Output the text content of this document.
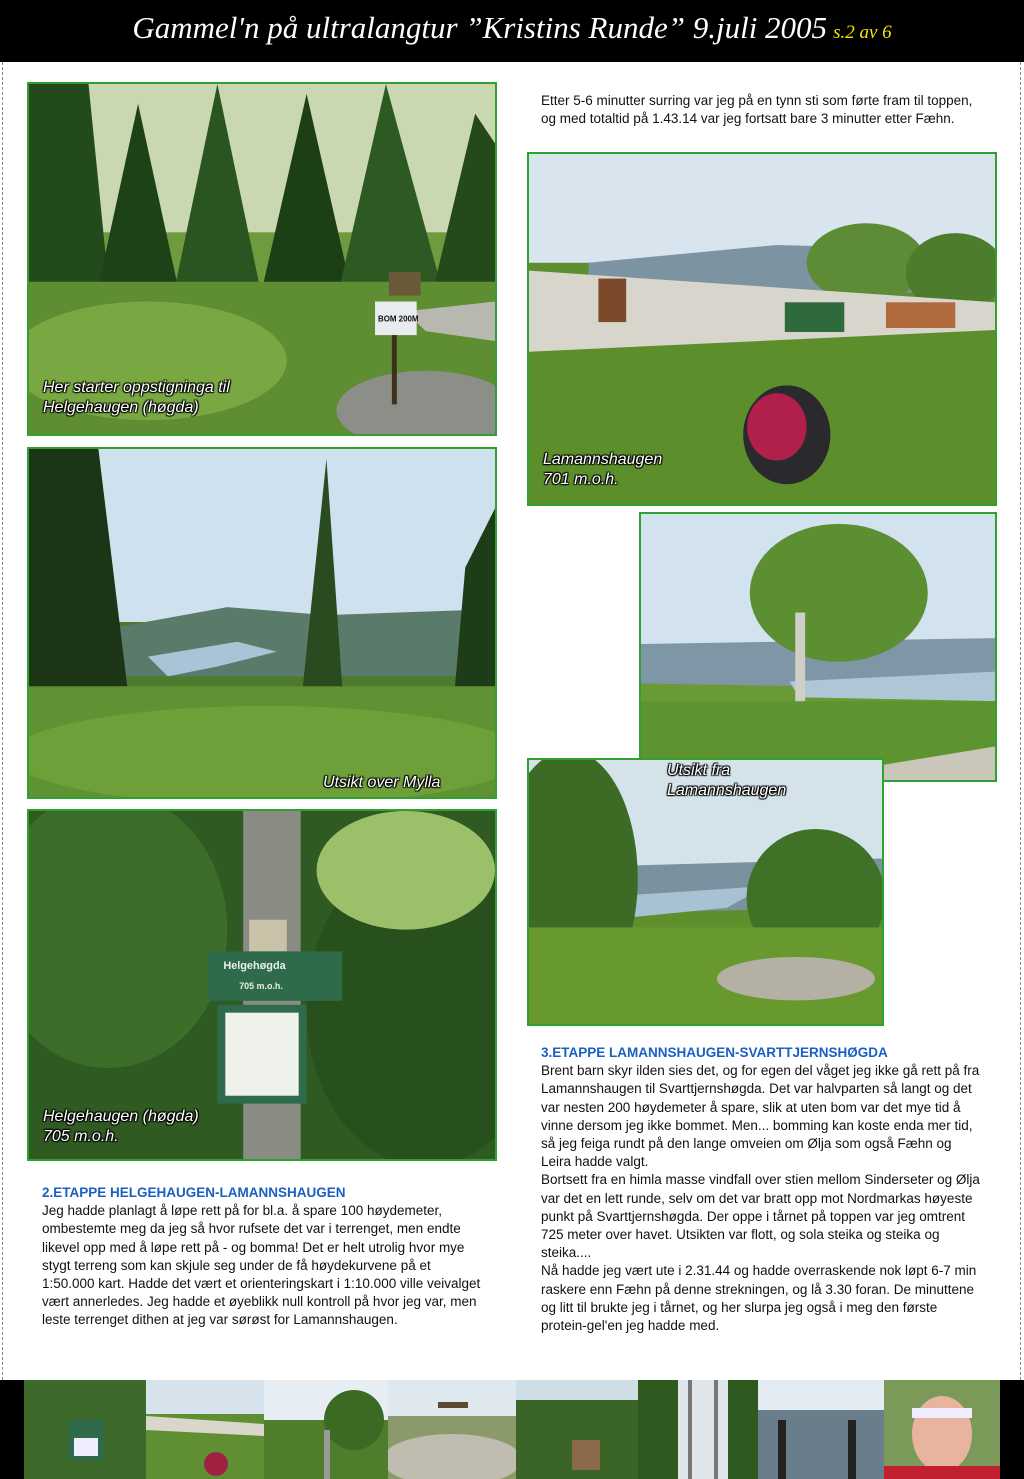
Gammel'n på ultralangtur ”Kristins Runde” 9.juli 2005 s.2 av 6
BOM 200M
Her starter oppstigninga til
Helgehaugen (høgda)
Utsikt over Mylla
Helgehøgda
705 m.o.h.
Helgehaugen (høgda)
705 m.o.h.

Etter 5-6 minutter surring var jeg på en tynn sti som førte fram til toppen, og med totaltid på 1.43.14 var jeg fortsatt bare 3 minutter etter Fæhn.

Lamannshaugen
701 m.o.h.
Utsikt fra
Lamannshaugen

2.ETAPPE HELGEHAUGEN-LAMANNSHAUGEN

Jeg hadde planlagt å løpe rett på for bl.a. å spare 100 høydemeter, ombestemte meg da jeg så hvor rufsete det var i terrenget, men endte likevel opp med å løpe rett på - og bomma! Det er helt utrolig hvor mye stygt terreng som kan skjule seg under de få høydekurvene på et 1:50.000 kart. Hadde det vært et orienteringskart i 1:10.000 ville veivalget vært annerledes. Jeg hadde et øyeblikk null kontroll på hvor jeg var, men leste terrenget dithen at jeg var sørøst for Lamannshaugen.

3.ETAPPE LAMANNSHAUGEN-SVARTTJERNSHØGDA

Brent barn skyr ilden sies det, og for egen del våget jeg ikke gå rett på fra Lamannshaugen til Svarttjernshøgda. Det var halvparten så langt og det var nesten 200 høydemeter å spare, slik at uten bom var det mye tid å vinne dersom jeg ikke bommet. Men... bomming kan koste enda mer tid, så jeg feiga rundt på den lange omveien om Ølja som også Fæhn og Leira hadde valgt.

Bortsett fra en himla masse vindfall over stien mellom Sinderseter og Ølja var det en lett runde, selv om det var bratt opp mot Nordmarkas høyeste punkt på Svarttjernshøgda. Der oppe i tårnet på toppen var jeg omtrent 725 meter over havet. Utsikten var flott, og sola steika og steika og steika....

Nå hadde jeg vært ute i 2.31.44 og hadde overraskende nok løpt 6-7 min raskere enn Fæhn på denne strekningen, og lå 3.30 foran. De minuttene og litt til brukte jeg i tårnet, og her slurpa jeg også i meg den første protein-gel'en jeg hadde med.
